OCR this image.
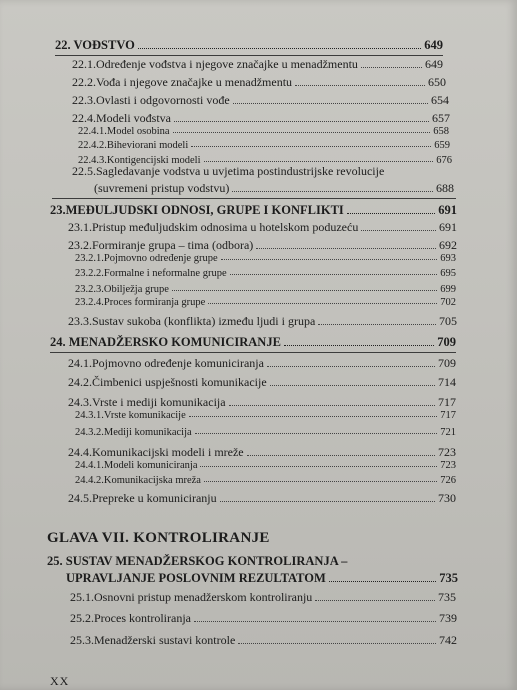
22. VOĐSTVO	649
22.1.Određenje vođstva i njegove značajke u menadžmentu	649
22.2.Vođa i njegove značajke u menadžmentu	650
22.3.Ovlasti i odgovornosti vođe	654
22.4.Modeli vođstva	657
22.4.1.Model osobina	658
22.4.2.Biheviorani modeli	659
22.4.3.Kontigencijski modeli	676
22.5.Sagledavanje vodstva u uvjetima postindustrijske revolucije
(suvremeni pristup vodstvu)	688
23.MEĐULJUDSKI ODNOSI, GRUPE I KONFLIKTI	691
23.1.Pristup međuljudskim odnosima u hotelskom poduzeću	691
23.2.Formiranje grupa – tima (odbora)	692
23.2.1.Pojmovno određenje grupe	693
23.2.2.Formalne i neformalne grupe	695
23.2.3.Obilježja grupe	699
23.2.4.Proces formiranja grupe	702
23.3.Sustav sukoba (konflikta) između ljudi i grupa	705
24. MENADŽERSKO KOMUNICIRANJE	709
24.1.Pojmovno određenje komuniciranja	709
24.2.Čimbenici uspješnosti komunikacije	714
24.3.Vrste i mediji komunikacija	717
24.3.1.Vrste komunikacije	717
24.3.2.Mediji komunikacija	721
24.4.Komunikacijski modeli i mreže	723
24.4.1.Modeli komuniciranja	723
24.4.2.Komunikacijska mreža	726
24.5.Prepreke u komuniciranju	730
GLAVA VII. KONTROLIRANJE
25. SUSTAV MENADŽERSKOG KONTROLIRANJA –
UPRAVLJANJE POSLOVNIM REZULTATOM	735
25.1.Osnovni pristup menadžerskom kontroliranju	735
25.2.Proces kontroliranja	739
25.3.Menadžerski sustavi kontrole	742
XX
